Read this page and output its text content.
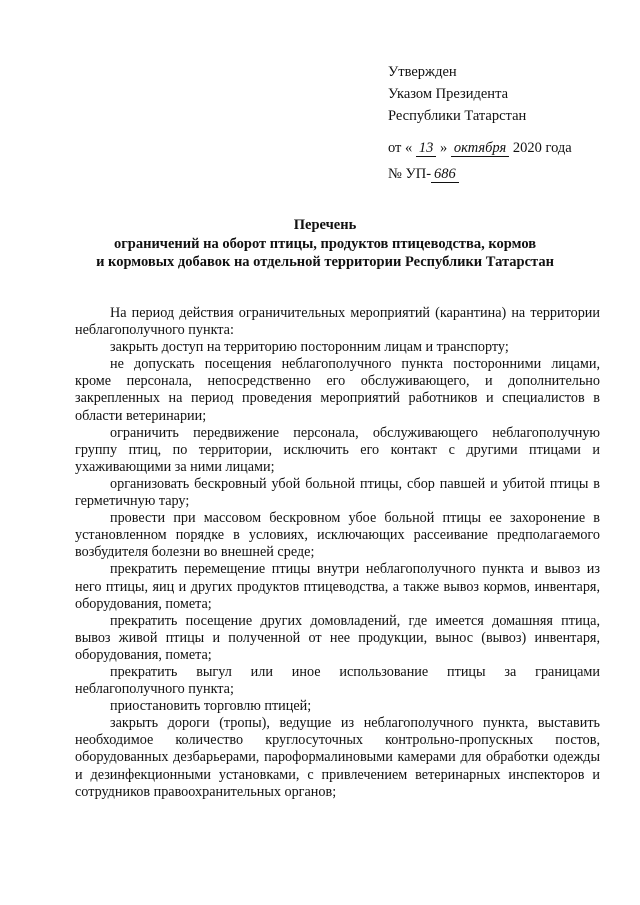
Утвержден
Указом Президента
Республики Татарстан
от « 13 » октября 2020 года
№ УП- 686
Перечень
ограничений на оборот птицы, продуктов птицеводства, кормов
и кормовых добавок на отдельной территории Республики Татарстан

На период действия ограничительных мероприятий (карантина) на территории неблагополучного пункта:

закрыть доступ на территорию посторонним лицам и транспорту;

не допускать посещения неблагополучного пункта посторонними лицами, кроме персонала, непосредственно его обслуживающего, и дополнительно закрепленных на период проведения мероприятий работников и специалистов в области ветеринарии;

ограничить передвижение персонала, обслуживающего неблагополучную группу птиц, по территории, исключить его контакт с другими птицами и ухаживающими за ними лицами;

организовать бескровный убой больной птицы, сбор павшей и убитой птицы в герметичную тару;

провести при массовом бескровном убое больной птицы ее захоронение в установленном порядке в условиях, исключающих рассеивание предполагаемого возбудителя болезни во внешней среде;

прекратить перемещение птицы внутри неблагополучного пункта и вывоз из него птицы, яиц и других продуктов птицеводства, а также вывоз кормов, инвентаря, оборудования, помета;

прекратить посещение других домовладений, где имеется домашняя птица, вывоз живой птицы и полученной от нее продукции, вынос (вывоз) инвентаря, оборудования, помета;

прекратить выгул или иное использование птицы за границами неблагополучного пункта;

приостановить торговлю птицей;

закрыть дороги (тропы), ведущие из неблагополучного пункта, выставить необходимое количество круглосуточных контрольно-пропускных постов, оборудованных дезбарьерами, пароформалиновыми камерами для обработки одежды и дезинфекционными установками, с привлечением ветеринарных инспекторов и сотрудников правоохранительных органов;
